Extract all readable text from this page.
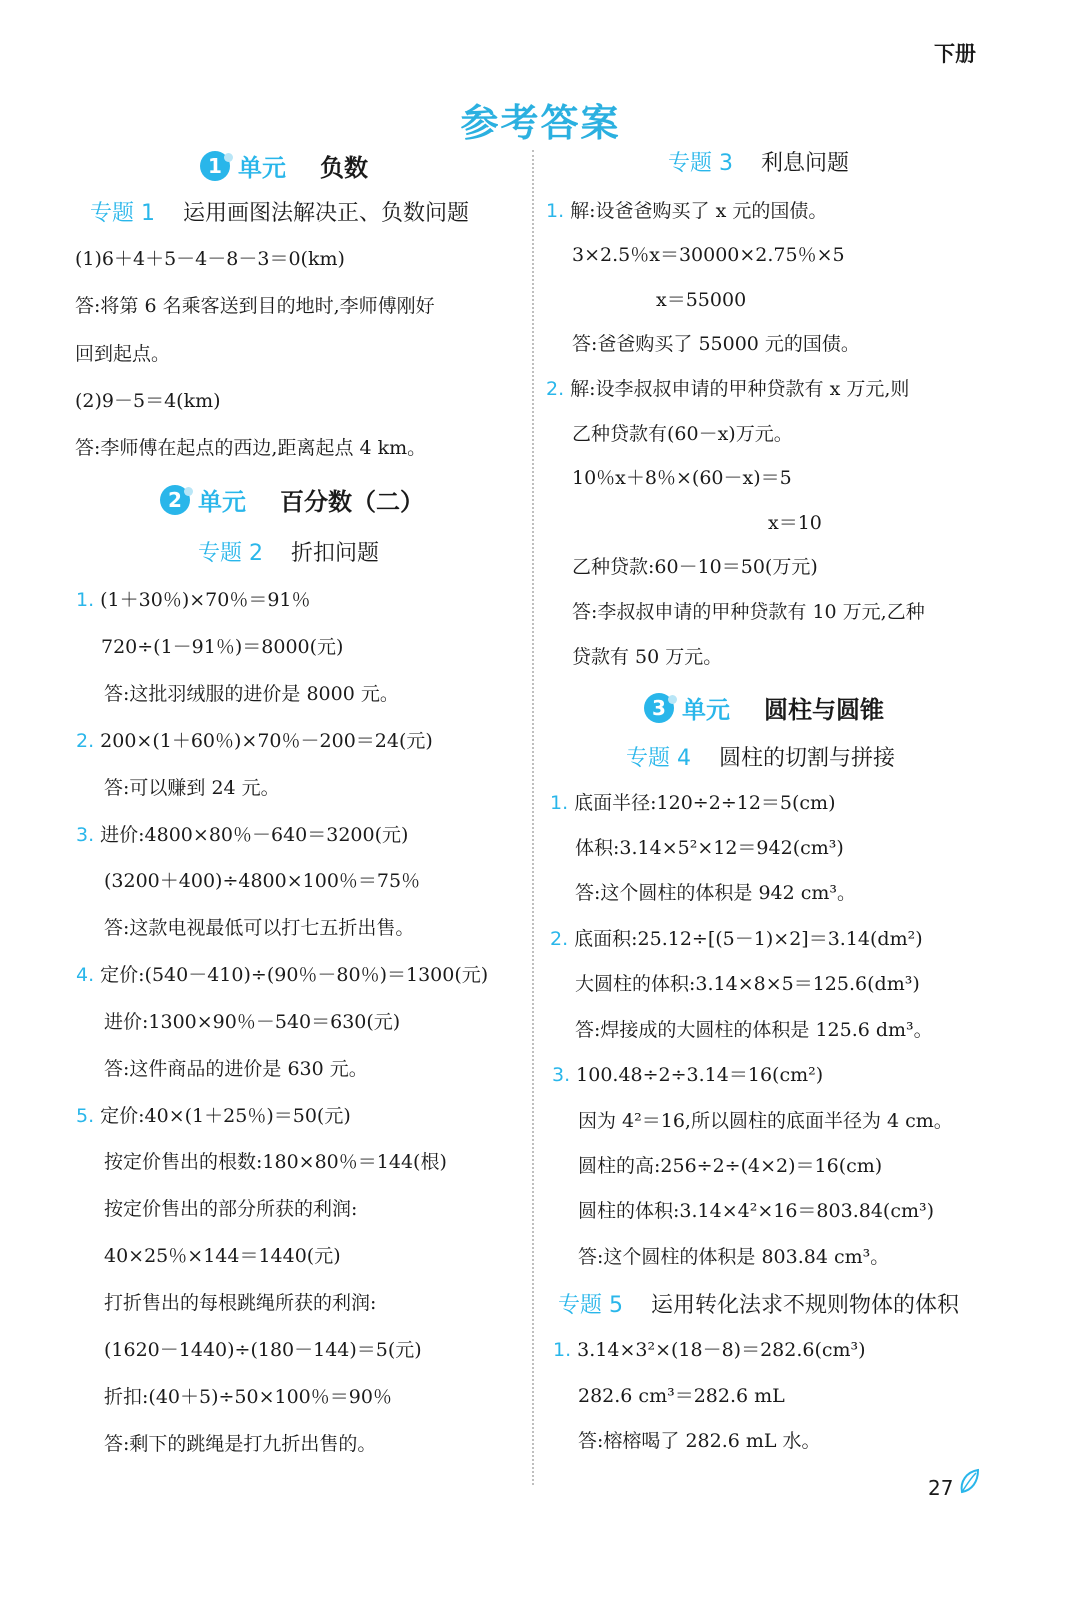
下册
参考答案
1 单元 负数
专题 1 运用画图法解决正、负数问题
(1)6＋4＋5－4－8－3＝0(km)
答:将第 6 名乘客送到目的地时,李师傅刚好
回到起点。
(2)9－5＝4(km)
答:李师傅在起点的西边,距离起点 4 km。
2 单元 百分数（二）
专题 2 折扣问题
1. (1＋30％)×70％＝91％
720÷(1－91％)＝8000(元)
答:这批羽绒服的进价是 8000 元。
2. 200×(1＋60％)×70％－200＝24(元)
答:可以赚到 24 元。
3. 进价:4800×80％－640＝3200(元)
(3200＋400)÷4800×100％＝75％
答:这款电视最低可以打七五折出售。
4. 定价:(540－410)÷(90％－80％)＝1300(元)
进价:1300×90％－540＝630(元)
答:这件商品的进价是 630 元。
5. 定价:40×(1＋25％)＝50(元)
按定价售出的根数:180×80％＝144(根)
按定价售出的部分所获的利润:
40×25％×144＝1440(元)
打折售出的每根跳绳所获的利润:
(1620－1440)÷(180－144)＝5(元)
折扣:(40＋5)÷50×100％＝90％
答:剩下的跳绳是打九折出售的。
专题 3 利息问题
1. 解:设爸爸购买了 x 元的国债。
3×2.5％x＝30000×2.75％×5
x＝55000
答:爸爸购买了 55000 元的国债。
2. 解:设李叔叔申请的甲种贷款有 x 万元,则
乙种贷款有(60－x)万元。
10％x＋8％×(60－x)＝5
x＝10
乙种贷款:60－10＝50(万元)
答:李叔叔申请的甲种贷款有 10 万元,乙种
贷款有 50 万元。
3 单元 圆柱与圆锥
专题 4 圆柱的切割与拼接
1. 底面半径:120÷2÷12＝5(cm)
体积:3.14×5²×12＝942(cm³)
答:这个圆柱的体积是 942 cm³。
2. 底面积:25.12÷[(5－1)×2]＝3.14(dm²)
大圆柱的体积:3.14×8×5＝125.6(dm³)
答:焊接成的大圆柱的体积是 125.6 dm³。
3. 100.48÷2÷3.14＝16(cm²)
因为 4²＝16,所以圆柱的底面半径为 4 cm。
圆柱的高:256÷2÷(4×2)＝16(cm)
圆柱的体积:3.14×4²×16＝803.84(cm³)
答:这个圆柱的体积是 803.84 cm³。
专题 5 运用转化法求不规则物体的体积
1. 3.14×3²×(18－8)＝282.6(cm³)
282.6 cm³＝282.6 mL
答:榕榕喝了 282.6 mL 水。
27
